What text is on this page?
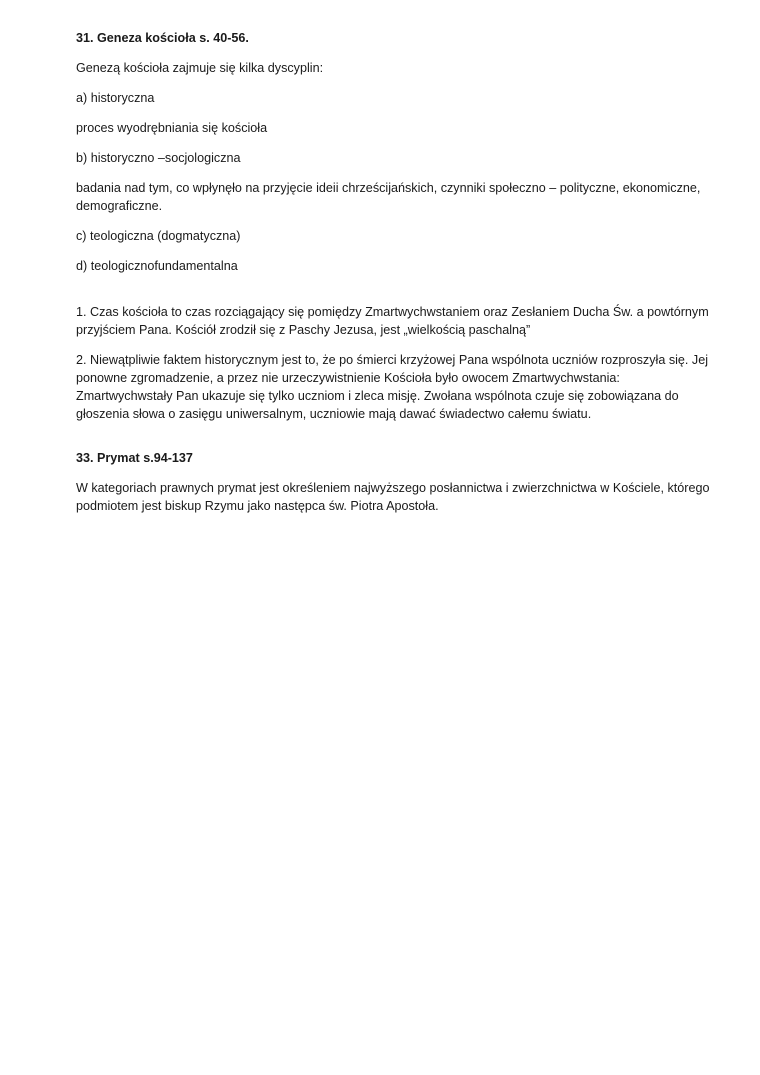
31. Geneza kościoła s. 40-56.

Genezą kościoła zajmuje się kilka dyscyplin:

a) historyczna

proces wyodrębniania się kościoła

b) historyczno –socjologiczna

badania nad tym, co wpłynęło na przyjęcie ideii chrześcijańskich, czynniki społeczno – polityczne, ekonomiczne, demograficzne.

c) teologiczna (dogmatyczna)

d) teologicznofundamentalna

1. Czas kościoła to czas rozciągający się pomiędzy Zmartwychwstaniem oraz Zesłaniem Ducha Św. a powtórnym przyjściem Pana. Kościół zrodził się z Paschy Jezusa, jest „wielkością paschalną”

2. Niewątpliwie faktem historycznym jest to, że po śmierci krzyżowej Pana wspólnota uczniów rozproszyła się. Jej ponowne zgromadzenie, a przez nie urzeczywistnienie Kościoła było owocem Zmartwychwstania: Zmartwychwstały Pan ukazuje się tylko uczniom i zleca misję. Zwołana wspólnota czuje się zobowiązana do głoszenia słowa o zasięgu uniwersalnym, uczniowie mają dawać świadectwo całemu światu.

33. Prymat s.94-137

W kategoriach prawnych prymat jest określeniem najwyższego posłannictwa i zwierzchnictwa w Kościele, którego podmiotem jest biskup Rzymu jako następca św. Piotra Apostoła.
